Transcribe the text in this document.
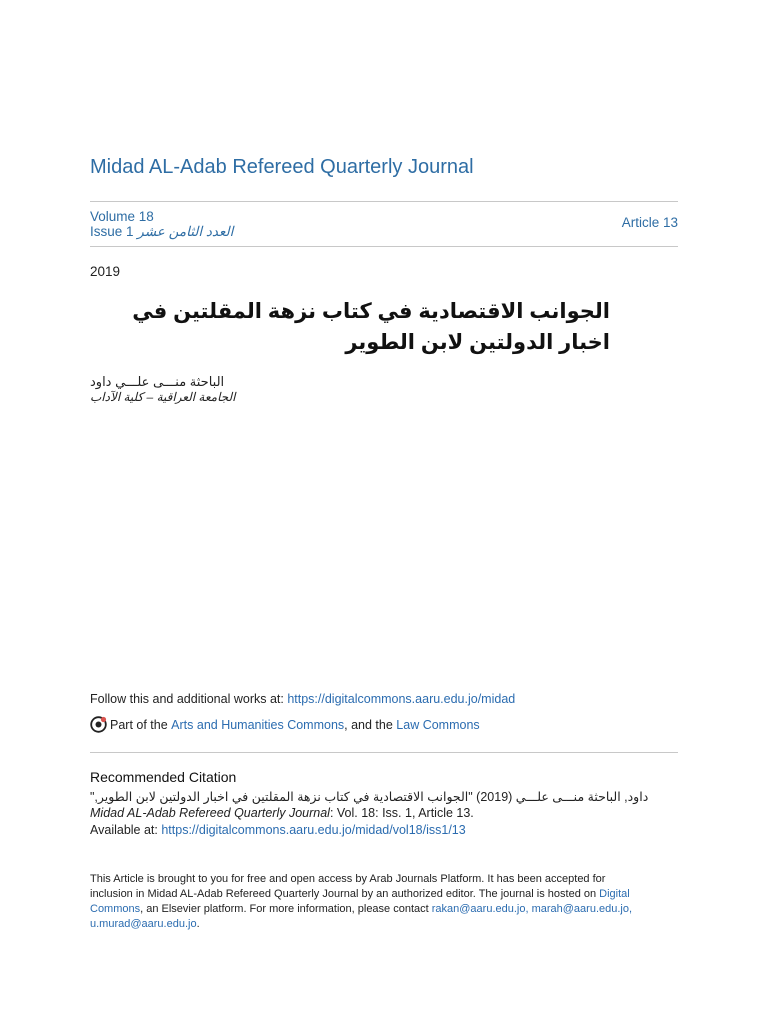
Midad AL-Adab Refereed Quarterly Journal
Volume 18
Issue 1 العدد الثامن عشر
Article 13
2019
الجوانب الاقتصادية في كتاب نزهة المقلتين في اخبار الدولتين لابن الطوير
الباحثة منـــى علـــي داود
الجامعة العراقية – كلية الآداب
Follow this and additional works at: https://digitalcommons.aaru.edu.jo/midad
Part of the
Arts and Humanities Commons , and the
Law Commons
Recommended Citation
داود, الباحثة منـــى علـــي (2019) "الجوانب الاقتصادية في كتاب نزهة المقلتين في اخبار الدولتين لابن الطوير,"
Midad AL-Adab Refereed Quarterly Journal: Vol. 18: Iss. 1, Article 13.
Available at: https://digitalcommons.aaru.edu.jo/midad/vol18/iss1/13
This Article is brought to you for free and open access by Arab Journals Platform. It has been accepted for inclusion in Midad AL-Adab Refereed Quarterly Journal by an authorized editor. The journal is hosted on Digital Commons, an Elsevier platform. For more information, please contact rakan@aaru.edu.jo, marah@aaru.edu.jo, u.murad@aaru.edu.jo.
